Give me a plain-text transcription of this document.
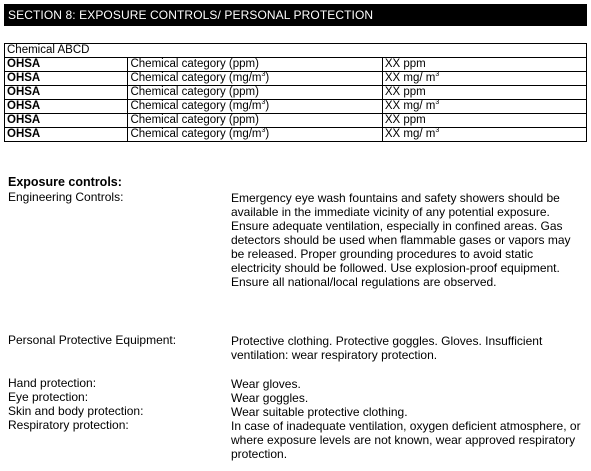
SECTION 8: EXPOSURE CONTROLS/ PERSONAL PROTECTION
Chemical ABCD		
OHSA	Chemical category (ppm)	XX ppm
OHSA	Chemical category $(mg/m^3)$	XX mg/ $m^3$
OHSA	Chemical category (ppm)	XX ppm
OHSA	Chemical category $(mg/m^3)$	XX mg/ $m^3$
OHSA	Chemical category (ppm)	XX ppm
OHSA	Chemical category $(mg/m^3)$	XX mg/ $m^3$
Exposure controls:
Engineering Controls:	Emergency eye wash fountains and safety showers should be available in the immediate vicinity of any potential exposure. Ensure adequate ventilation, especially in confined areas. Gas detectors should be used when flammable gases or vapors may be released. Proper grounding procedures to avoid static electricity should be followed. Use explosion-proof equipment. Ensure all national/local regulations are observed.
Personal Protective Equipment:	Protective clothing. Protective goggles. Gloves. Insufficient ventilation: wear respiratory protection.
Hand protection:	Wear gloves.
Eye protection:	Wear goggles.
Skin and body protection:	Wear suitable protective clothing.
Respiratory protection:	In case of inadequate ventilation, oxygen deficient atmosphere, or where exposure levels are not known, wear approved respiratory protection.
